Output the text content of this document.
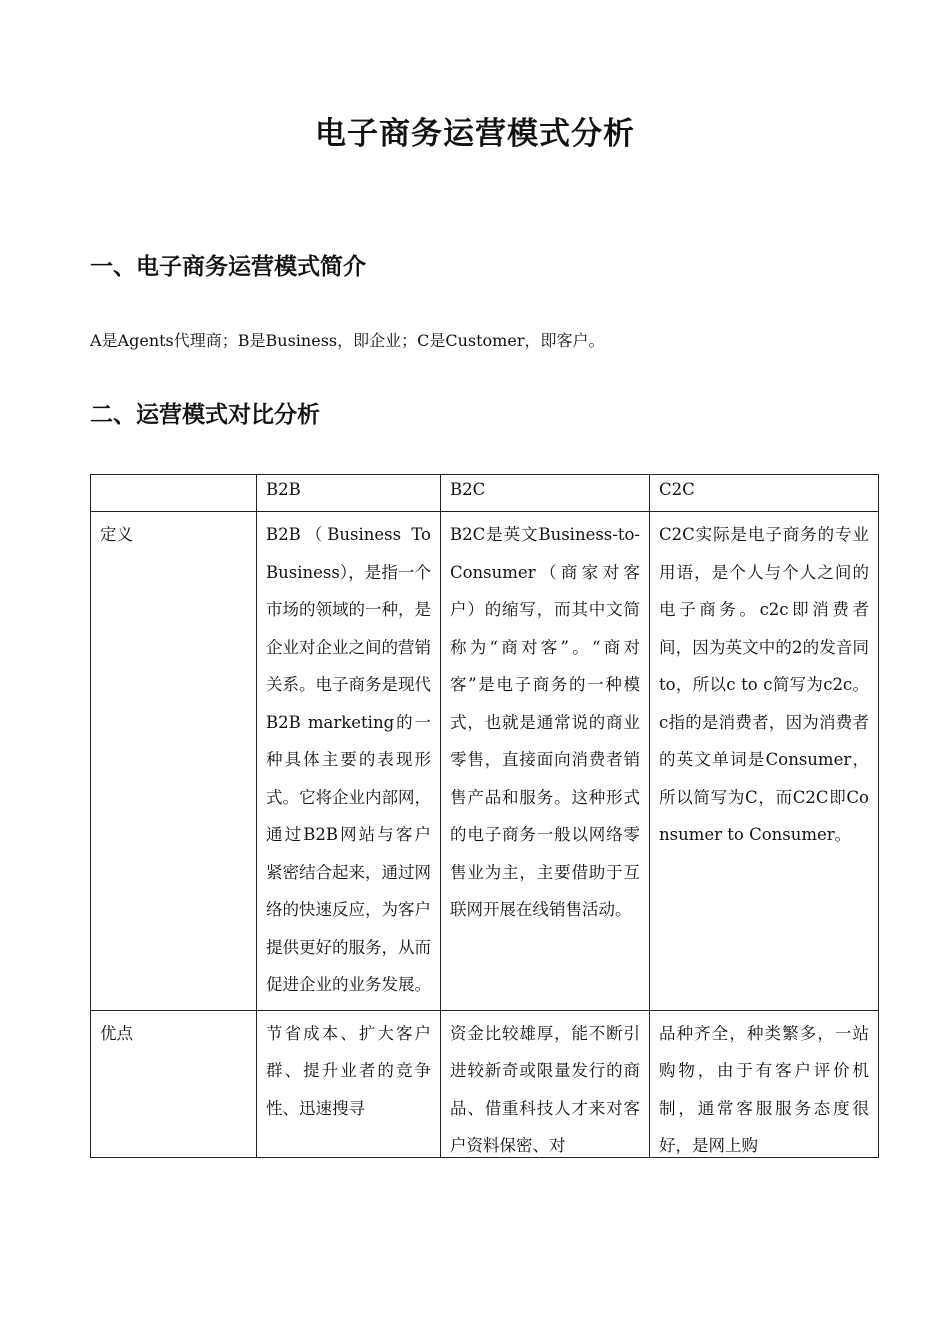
电子商务运营模式分析
一、电子商务运营模式简介

A是Agents代理商；B是Business，即企业；C是Customer，即客户。

二、运营模式对比分析
	B2B	B2C	C2C
定义	B2B（Business To Business），是指一个市场的领域的一种，是企业对企业之间的营销关系。电子商务是现代B2B marketing的一种具体主要的表现形式。它将企业内部网，通过B2B网站与客户紧密结合起来，通过网络的快速反应，为客户提供更好的服务，从而促进企业的业务发展。	B2C是英文Business-to-Consumer（商家对客户）的缩写，而其中文简称为“商对客”。“商对客”是电子商务的一种模式，也就是通常说的商业零售，直接面向消费者销售产品和服务。这种形式的电子商务一般以网络零售业为主，主要借助于互联网开展在线销售活动。	C2C实际是电子商务的专业用语，是个人与个人之间的电子商务。c2c即消费者间，因为英文中的2的发音同to，所以c to c简写为c2c。c指的是消费者，因为消费者的英文单词是Consumer，所以简写为C，而C2C即Consumer to Consumer。

优点	节省成本、扩大客户群、提升业者的竞争性、迅速搜寻	资金比较雄厚，能不断引进较新奇或限量发行的商品、借重科技人才来对客户资料保密、对	品种齐全，种类繁多，一站购物，由于有客户评价机制，通常客服服务态度很好，是网上购
